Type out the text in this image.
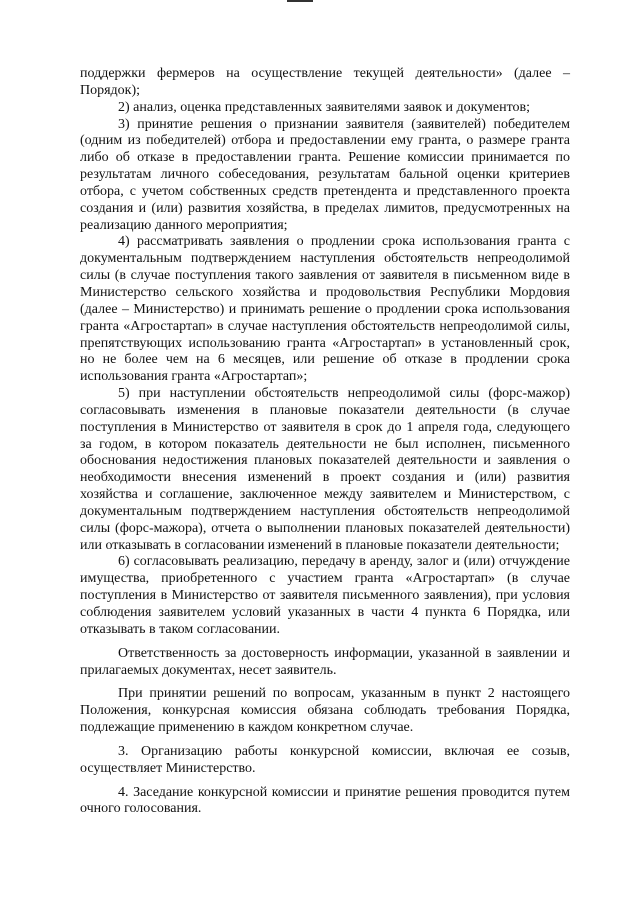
поддержки фермеров на осуществление текущей деятельности» (далее – Порядок);

2) анализ, оценка представленных заявителями заявок и документов;

3) принятие решения о признании заявителя (заявителей) победителем (одним из победителей) отбора и предоставлении ему гранта, о размере гранта либо об отказе в предоставлении гранта. Решение комиссии принимается по результатам личного собеседования, результатам бальной оценки критериев отбора, с учетом собственных средств претендента и представленного проекта создания и (или) развития хозяйства, в пределах лимитов, предусмотренных на реализацию данного мероприятия;

4) рассматривать заявления о продлении срока использования гранта с документальным подтверждением наступления обстоятельств непреодолимой силы (в случае поступления такого заявления от заявителя в письменном виде в Министерство сельского хозяйства и продовольствия Республики Мордовия (далее – Министерство) и принимать решение о продлении срока использования гранта «Агростартап» в случае наступления обстоятельств непреодолимой силы, препятствующих использованию гранта «Агростартап» в установленный срок, но не более чем на 6 месяцев, или решение об отказе в продлении срока использования гранта «Агростартап»;

5) при наступлении обстоятельств непреодолимой силы (форс-мажор) согласовывать изменения в плановые показатели деятельности (в случае поступления в Министерство от заявителя в срок до 1 апреля года, следующего за годом, в котором показатель деятельности не был исполнен, письменного обоснования недостижения плановых показателей деятельности и заявления о необходимости внесения изменений в проект создания и (или) развития хозяйства и соглашение, заключенное между заявителем и Министерством, с документальным подтверждением наступления обстоятельств непреодолимой силы (форс-мажора), отчета о выполнении плановых показателей деятельности) или отказывать в согласовании изменений в плановые показатели деятельности;

6) согласовывать реализацию, передачу в аренду, залог и (или) отчуждение имущества, приобретенного с участием гранта «Агростартап» (в случае поступления в Министерство от заявителя письменного заявления), при условия соблюдения заявителем условий указанных в части 4 пункта 6 Порядка, или отказывать в таком согласовании.

Ответственность за достоверность информации, указанной в заявлении и прилагаемых документах, несет заявитель.

При принятии решений по вопросам, указанным в пункт 2 настоящего Положения, конкурсная комиссия обязана соблюдать требования Порядка, подлежащие применению в каждом конкретном случае.

3. Организацию работы конкурсной комиссии, включая ее созыв, осуществляет Министерство.

4. Заседание конкурсной комиссии и принятие решения проводится путем очного голосования.
